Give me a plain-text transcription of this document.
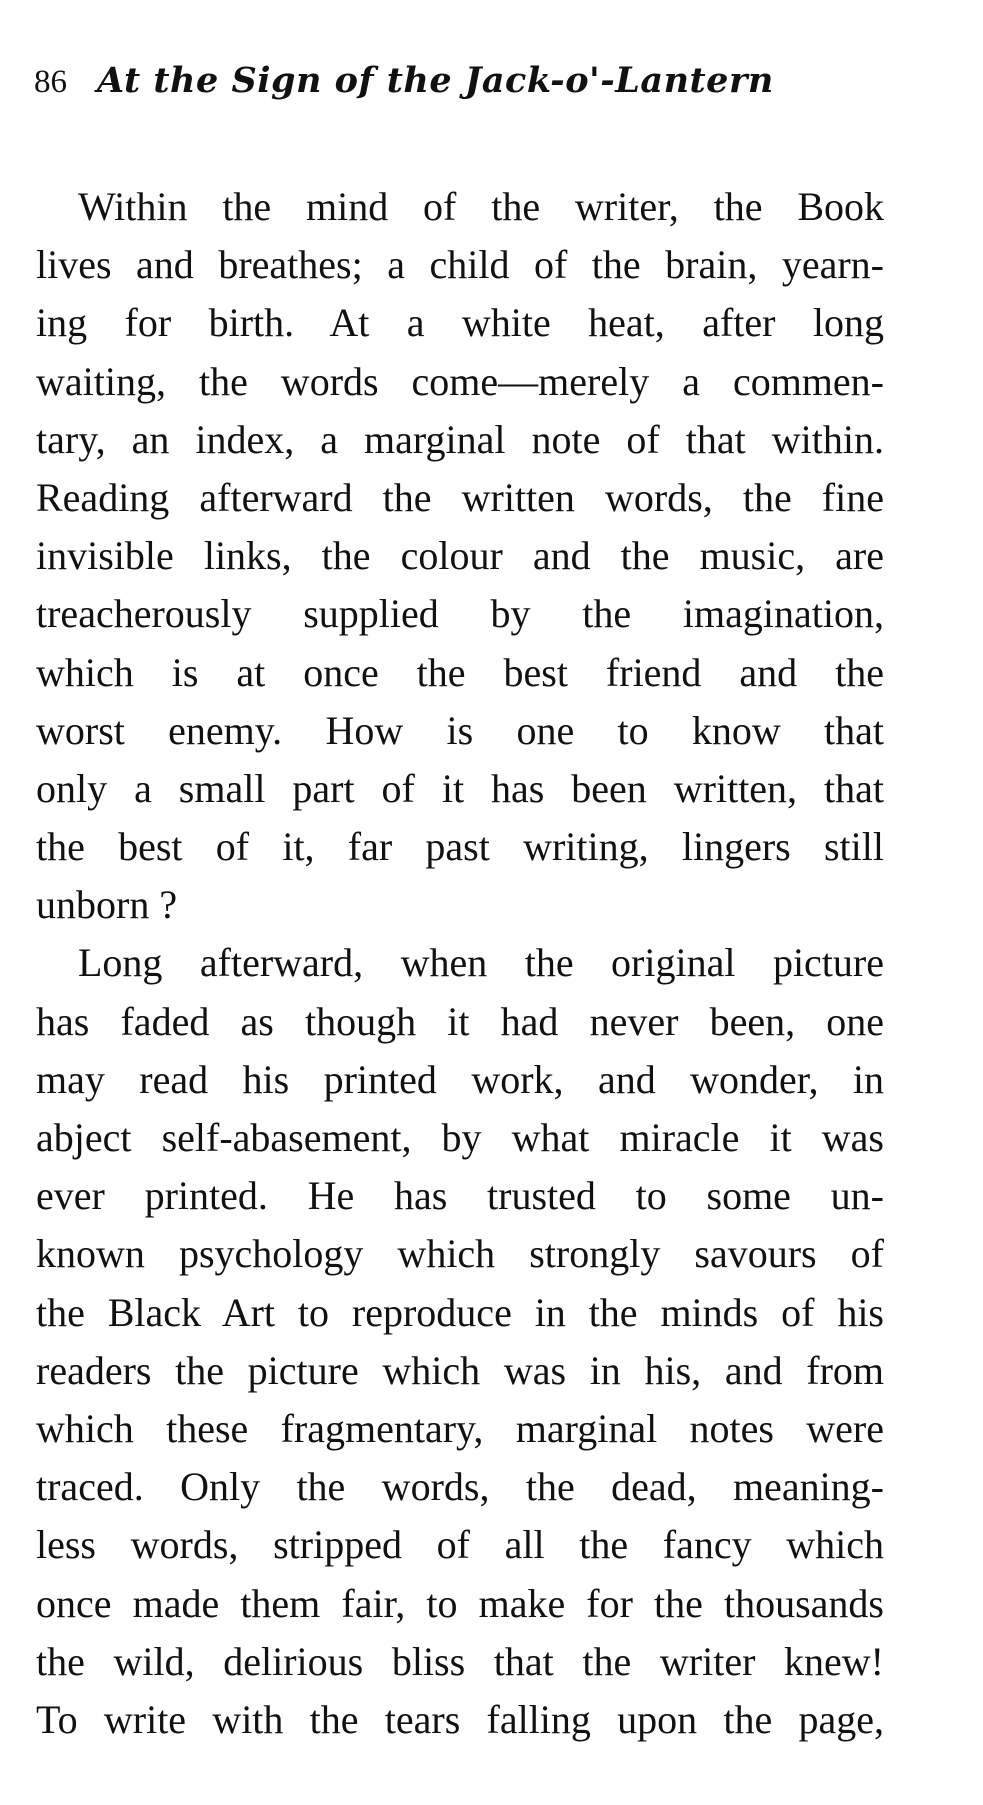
86 At the Sign of the Jack-o'-Lantern
Within the mind of the writer, the Book
lives and breathes; a child of the brain, yearn-
ing for birth. At a white heat, after long
waiting, the words come—merely a commen-
tary, an index, a marginal note of that within.
Reading afterward the written words, the fine
invisible links, the colour and the music, are
treacherously supplied by the imagination,
which is at once the best friend and the
worst enemy. How is one to know that
only a small part of it has been written, that
the best of it, far past writing, lingers still
unborn ?
Long afterward, when the original picture
has faded as though it had never been, one
may read his printed work, and wonder, in
abject self-abasement, by what miracle it was
ever printed. He has trusted to some un-
known psychology which strongly savours of
the Black Art to reproduce in the minds of his
readers the picture which was in his, and from
which these fragmentary, marginal notes were
traced. Only the words, the dead, meaning-
less words, stripped of all the fancy which
once made them fair, to make for the thousands
the wild, delirious bliss that the writer knew!
To write with the tears falling upon the page,
